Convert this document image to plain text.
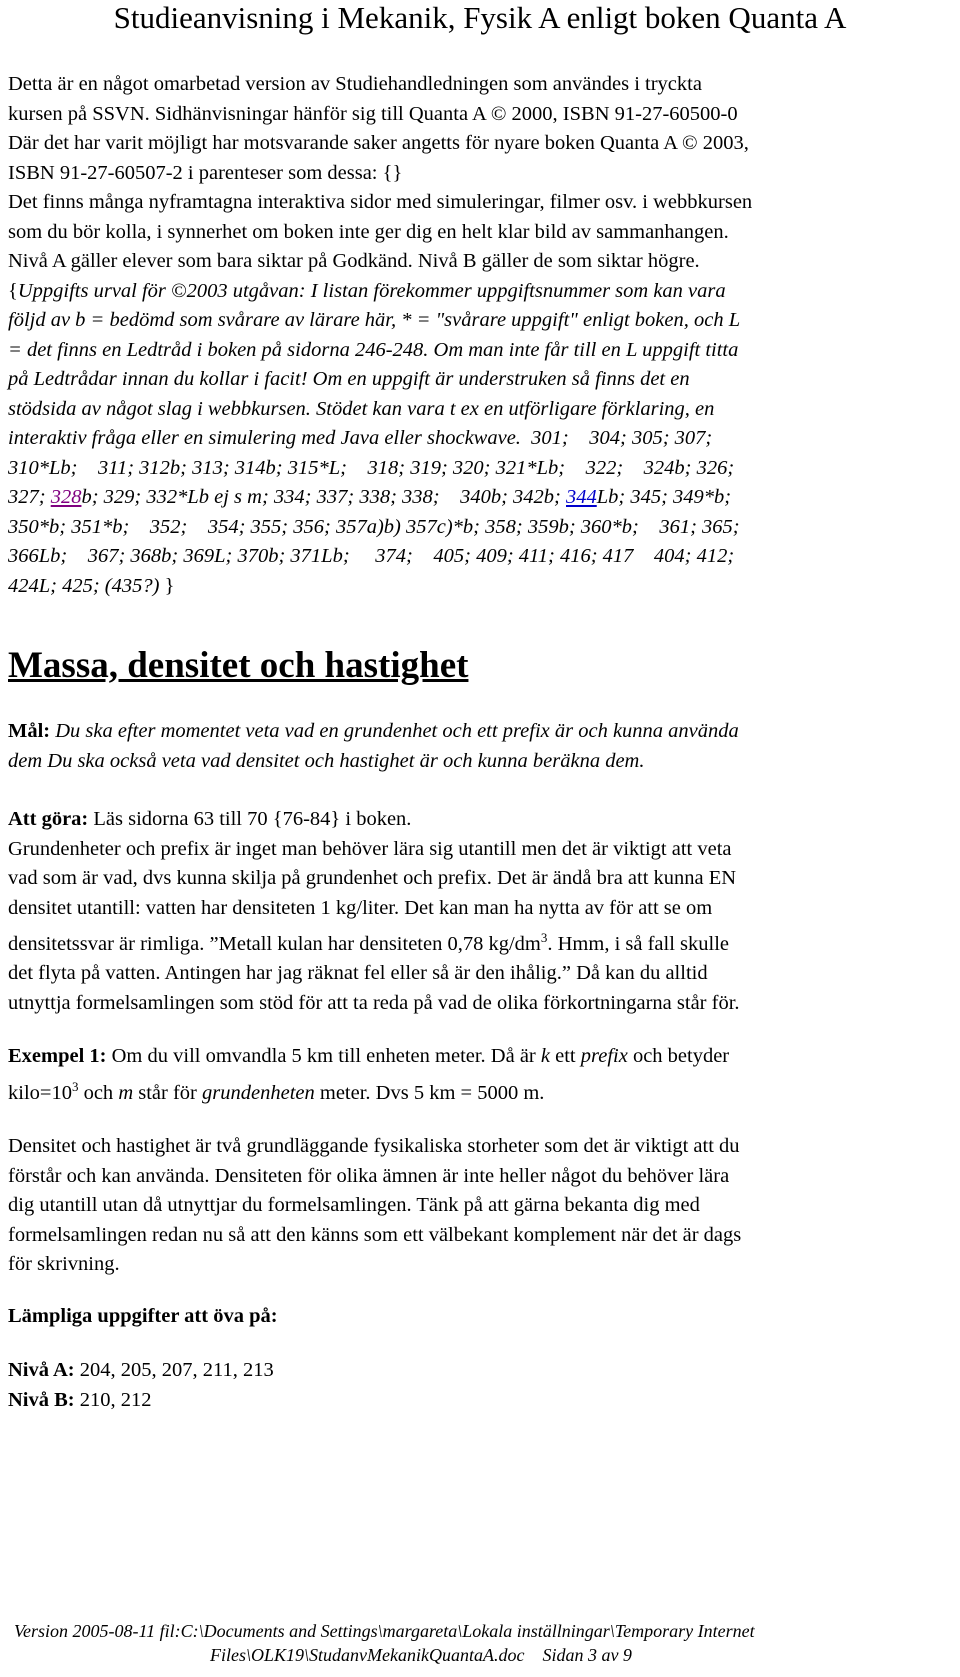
Studieanvisning i Mekanik, Fysik A enligt boken Quanta A
Detta är en något omarbetad version av Studiehandledningen som användes i tryckta
kursen på SSVN. Sidhänvisningar hänför sig till Quanta A © 2000, ISBN 91-27-60500-0
Där det har varit möjligt har motsvarande saker angetts för nyare boken Quanta A © 2003,
ISBN 91-27-60507-2 i parenteser som dessa: {}
Det finns många nyframtagna interaktiva sidor med simuleringar, filmer osv. i webbkursen
som du bör kolla, i synnerhet om boken inte ger dig en helt klar bild av sammanhangen.
Nivå A gäller elever som bara siktar på Godkänd. Nivå B gäller de som siktar högre.
{Uppgifts urval för ©2003 utgåvan: I listan förekommer uppgiftsnummer som kan vara
följd av b = bedömd som svårare av lärare här, * = "svårare uppgift" enligt boken, och L
= det finns en Ledtråd i boken på sidorna 246-248. Om man inte får till en L uppgift titta
på Ledtrådar innan du kollar i facit! Om en uppgift är understruken så finns det en
stödsida av något slag i webbkursen. Stödet kan vara t ex en utförligare förklaring, en
interaktiv fråga eller en simulering med Java eller shockwave.  301;    304; 305; 307;
310*Lb;    311; 312b; 313; 314b; 315*L;    318; 319; 320; 321*Lb;    322;    324b; 326;
327; 328b; 329; 332*Lb ej s m; 334; 337; 338; 338;    340b; 342b; 344Lb; 345; 349*b;
350*b; 351*b;    352;    354; 355; 356; 357a)b) 357c)*b; 358; 359b; 360*b;    361; 365;
366Lb;    367; 368b; 369L; 370b; 371Lb;     374;    405; 409; 411; 416; 417    404; 412;
424L; 425; (435?) }
Massa, densitet och hastighet
Mål: Du ska efter momentet veta vad en grundenhet och ett prefix är och kunna använda
dem Du ska också veta vad densitet och hastighet är och kunna beräkna dem.
Att göra: Läs sidorna 63 till 70 {76-84} i boken.
Grundenheter och prefix är inget man behöver lära sig utantill men det är viktigt att veta
vad som är vad, dvs kunna skilja på grundenhet och prefix. Det är ändå bra att kunna EN
densitet utantill: vatten har densiteten 1 kg/liter. Det kan man ha nytta av för att se om
densitetssvar är rimliga. ”Metall kulan har densiteten 0,78 $kg/dm^3$. Hmm, i så fall skulle
det flyta på vatten. Antingen har jag räknat fel eller så är den ihålig.” Då kan du alltid
utnyttja formelsamlingen som stöd för att ta reda på vad de olika förkortningarna står för.
Exempel 1: Om du vill omvandla 5 km till enheten meter. Då är k ett prefix och betyder
$kilo=10^3$ och m står för grundenheten meter. Dvs 5 km = 5000 m.
Densitet och hastighet är två grundläggande fysikaliska storheter som det är viktigt att du
förstår och kan använda. Densiteten för olika ämnen är inte heller något du behöver lära
dig utantill utan då utnyttjar du formelsamlingen. Tänk på att gärna bekanta dig med
formelsamlingen redan nu så att den känns som ett välbekant komplement när det är dags
för skrivning.
Lämpliga uppgifter att öva på:
Nivå A: 204, 205, 207, 211, 213
Nivå B: 210, 212
Version 2005-08-11 fil:C:\Documents and Settings\margareta\Lokala inställningar\Temporary Internet
Files\OLK19\StudanvMekanikQuantaA.doc    Sidan 3 av 9
